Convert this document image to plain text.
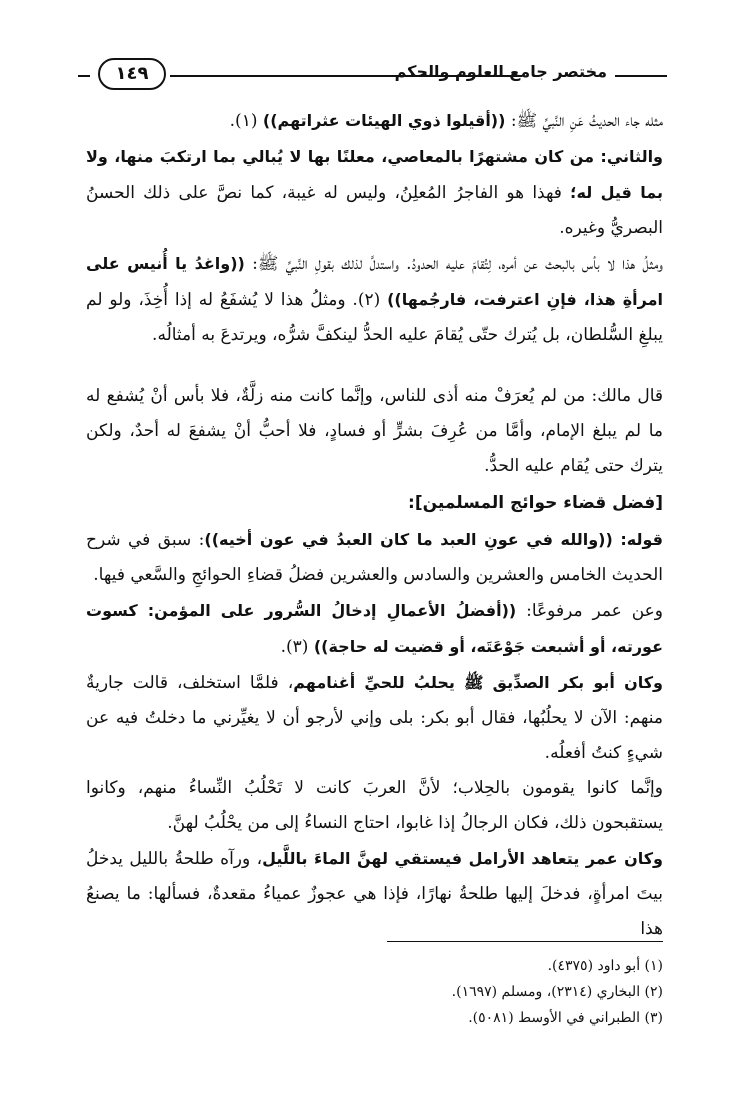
١٤٩	مختصر جامع العلوم والحكم

مثله جاء الحديثُ عَنِ النَّبيِّ ﷺ: ((أقيلوا ذوي الهيئات عثراتهم)) (١).

والثاني: من كان مشتهرًا بالمعاصي، معلنًا بها لا يُبالي بما ارتكبَ منها، ولا بما قيل له؛ فهذا هو الفاجرُ المُعلِنُ، وليس له غيبة، كما نصَّ على ذلك الحسنُ البصريُّ وغيره.

ومثلُ هذا لا بأس بالبحث عن أمره، لِتُقامَ عليه الحدودُ. واستدلَّ لذلك بقولِ النَّبيِّ ﷺ: ((واغدُ يا أُنيس على امرأةِ هذا، فإنِ اعترفت، فارجُمها)) (٢). ومثلُ هذا لا يُشفَعُ له إذا أُخِذَ، ولو لم يبلغِ السُّلطان، بل يُترك حتّى يُقامَ عليه الحدُّ لينكفَّ شرُّه، ويرتدعَ به أمثالُه.

قال مالك: من لم يُعرَفْ منه أذى للناس، وإنَّما كانت منه زلَّةٌ، فلا بأس أنْ يُشفع له ما لم يبلغ الإمام، وأمَّا من عُرِفَ بشرٍّ أو فسادٍ، فلا أحبُّ أنْ يشفعَ له أحدٌ، ولكن يترك حتى يُقام عليه الحدُّ.

[فضل قضاء حوائج المسلمين]:

قوله: ((والله في عونِ العبد ما كان العبدُ في عون أخيه)): سبق في شرح الحديث الخامس والعشرين والسادس والعشرين فضلُ قضاءِ الحوائجِ والسَّعي فيها.

وعن عمر مرفوعًا: ((أفضلُ الأعمالِ إدخالُ السُّرور على المؤمن: كسوت عورته، أو أشبعت جَوْعَتَه، أو قضيت له حاجة)) (٣).

وكان أبو بكر الصدِّيق ﷺ يحلبُ للحيِّ أغنامهم، فلمَّا استخلف، قالت جاريةٌ منهم: الآن لا يحلُبُها، فقال أبو بكر: بلى وإني لأرجو أن لا يغيِّرني ما دخلتُ فيه عن شيءٍ كنتُ أفعلُه.

وإنَّما كانوا يقومون بالحِلاب؛ لأنَّ العربَ كانت لا تَحْلُبُ النِّساءُ منهم، وكانوا يستقبحون ذلك، فكان الرجالُ إذا غابوا، احتاج النساءُ إلى من يحْلُبُ لهنَّ.

وكان عمر يتعاهد الأرامل فيستقي لهنَّ الماءَ باللَّيل، ورآه طلحةُ بالليل يدخلُ بيتَ امرأةٍ، فدخلَ إليها طلحةُ نهارًا، فإذا هي عجوزٌ عمياءُ مقعدةٌ، فسألها: ما يصنعُ هذا

(١) أبو داود (٤٣٧٥).
(٢) البخاري (٢٣١٤)، ومسلم (١٦٩٧).
(٣) الطبراني في الأوسط (٥٠٨١).
